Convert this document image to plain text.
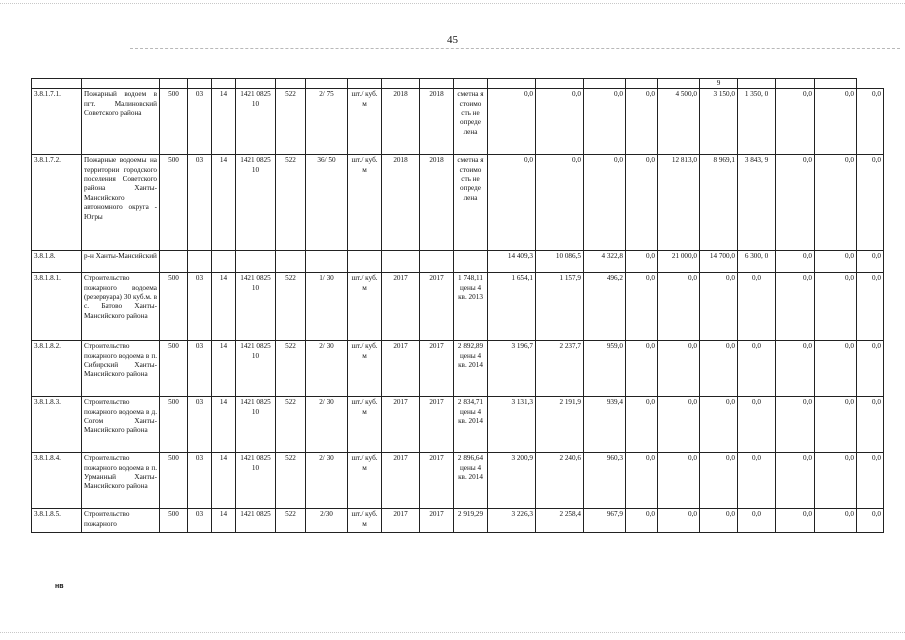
45
																	9				
3.8.1.7.1.	Пожарный водоем в пгт. Малиновский Советского района	500	03	14	1421 0825 10	522	2/ 75	шт./ куб. м	2018	2018	сметна я стоимо сть не опреде лена	0,0	0,0	0,0	0,0	4 500,0	3 150,0	1 350, 0	0,0	0,0	0,0
3.8.1.7.2.	Пожарные водоемы на территории городского поселения Советского района Ханты-Мансийского автономного округа - Югры	500	03	14	1421 0825 10	522	36/ 50	шт./ куб. м	2018	2018	сметна я стоимо сть не опреде лена	0,0	0,0	0,0	0,0	12 813,0	8 969,1	3 843, 9	0,0	0,0	0,0
3.8.1.8.	р-н Ханты-Мансийский											14 409,3	10 086,5	4 322,8	0,0	21 000,0	14 700,0	6 300, 0	0,0	0,0	0,0
3.8.1.8.1.	Строительство пожарного водоема (резервуара) 30 куб.м. в с. Батово Ханты-Мансийского района	500	03	14	1421 0825 10	522	1/ 30	шт./ куб. м	2017	2017	1 748,11 цены 4 кв. 2013	1 654,1	1 157,9	496,2	0,0	0,0	0,0	0,0	0,0	0,0	0,0
3.8.1.8.2.	Строительство пожарного водоема в п. Сибирский Ханты-Мансийского района	500	03	14	1421 0825 10	522	2/ 30	шт./ куб. м	2017	2017	2 892,89 цены 4 кв. 2014	3 196,7	2 237,7	959,0	0,0	0,0	0,0	0,0	0,0	0,0	0,0
3.8.1.8.3.	Строительство пожарного водоема в д. Согом Ханты-Мансийского района	500	03	14	1421 0825 10	522	2/ 30	шт./ куб. м	2017	2017	2 834,71 цены 4 кв. 2014	3 131,3	2 191,9	939,4	0,0	0,0	0,0	0,0	0,0	0,0	0,0
3.8.1.8.4.	Строительство пожарного водоема в п. Урманный Ханты-Мансийского района	500	03	14	1421 0825 10	522	2/ 30	шт./ куб. м	2017	2017	2 896,64 цены 4 кв. 2014	3 200,9	2 240,6	960,3	0,0	0,0	0,0	0,0	0,0	0,0	0,0
3.8.1.8.5.	Строительство пожарного	500	03	14	1421 0825	522	2/30	шт./ куб. м	2017	2017	2 919,29	3 226,3	2 258,4	967,9	0,0	0,0	0,0	0,0	0,0	0,0	0,0
нв
